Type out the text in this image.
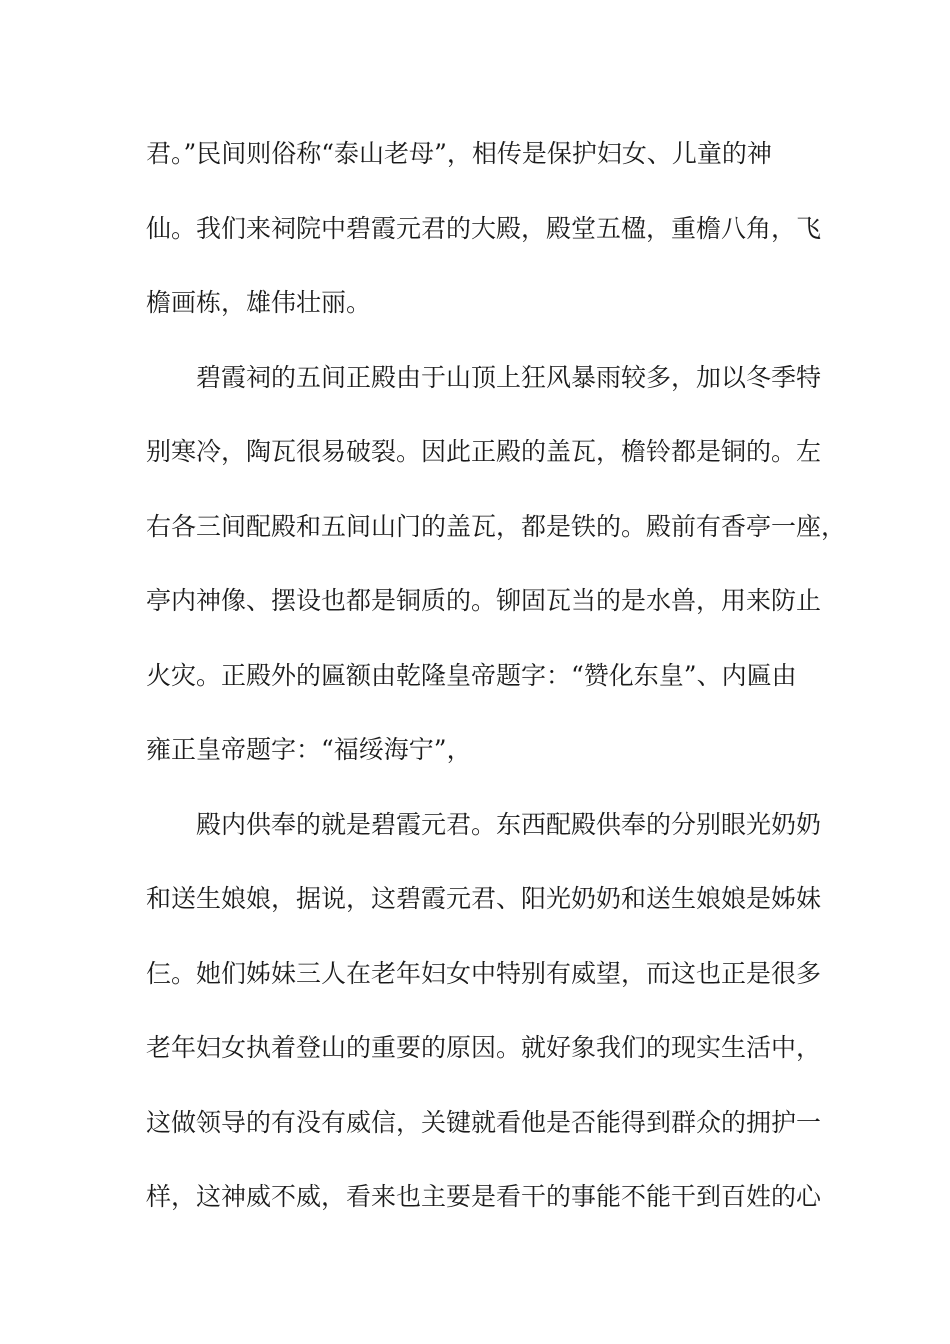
君。”民间则俗称“泰山老母”，相传是保护妇女、儿童的神
仙。我们来祠院中碧霞元君的大殿，殿堂五楹，重檐八角，飞
檐画栋，雄伟壮丽。
碧霞祠的五间正殿由于山顶上狂风暴雨较多，加以冬季特
别寒冷，陶瓦很易破裂。因此正殿的盖瓦，檐铃都是铜的。左
右各三间配殿和五间山门的盖瓦，都是铁的。殿前有香亭一座，
亭内神像、摆设也都是铜质的。铆固瓦当的是水兽，用来防止
火灾。正殿外的匾额由乾隆皇帝题字：“赞化东皇”、内匾由
雍正皇帝题字：“福绥海宁”，
殿内供奉的就是碧霞元君。东西配殿供奉的分别眼光奶奶
和送生娘娘，据说，这碧霞元君、阳光奶奶和送生娘娘是姊妹
仨。她们姊妹三人在老年妇女中特别有威望，而这也正是很多
老年妇女执着登山的重要的原因。就好象我们的现实生活中，
这做领导的有没有威信，关键就看他是否能得到群众的拥护一
样，这神威不威，看来也主要是看干的事能不能干到百姓的心
